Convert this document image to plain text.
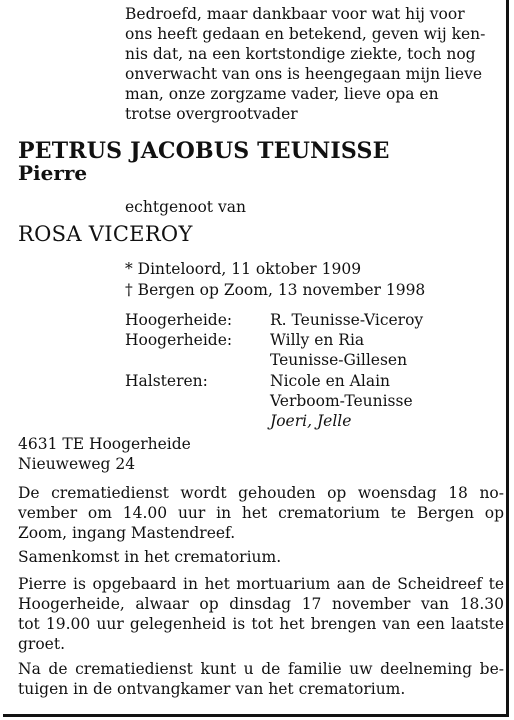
Bedroefd, maar dankbaar voor wat hij voor
ons heeft gedaan en betekend, geven wij ken-
nis dat, na een kortstondige ziekte, toch nog
onverwacht van ons is heengegaan mijn lieve
man, onze zorgzame vader, lieve opa en
trotse overgrootvader
PETRUS JACOBUS TEUNISSE
Pierre
echtgenoot van
ROSA VICEROY
* Dinteloord, 11 oktober 1909
† Bergen op Zoom, 13 november 1998
Hoogerheide: R. Teunisse-Viceroy
Hoogerheide: Willy en Ria
Teunisse-Gillesen
Halsteren:	Nicole en Alain
Verboom-Teunisse
Joeri, Jelle
4631 TE Hoogerheide
Nieuweweg 24
De crematiedienst wordt gehouden op woensdag 18 no-
vember om 14.00 uur in het crematorium te Bergen op
Zoom, ingang Mastendreef.
Samenkomst in het crematorium.
Pierre is opgebaard in het mortuarium aan de Scheidreef te
Hoogerheide, alwaar op dinsdag 17 november van 18.30
tot 19.00 uur gelegenheid is tot het brengen van een laatste
groet.
Na de crematiedienst kunt u de familie uw deelneming be-
tuigen in de ontvangkamer van het crematorium.
